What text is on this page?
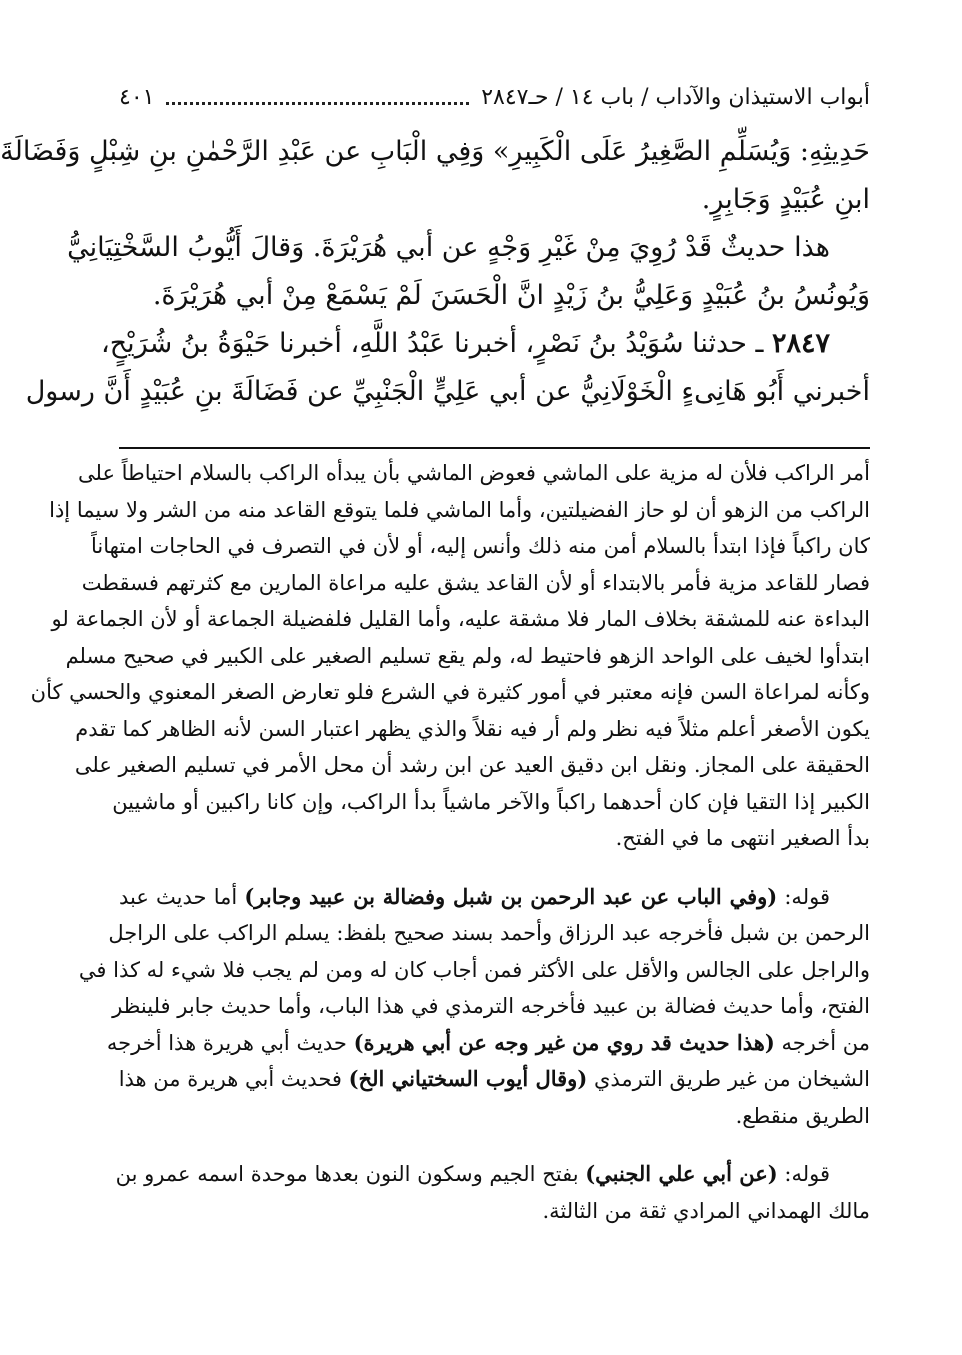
أبواب الاستيذان والآداب / باب ١٤ / حـ٢٨٤٧
٤٠١
حَدِيثِهِ: وَيُسَلِّمِ الصَّغِيرُ عَلَى الْكَبِيرِ» وَفِي الْبَابِ عن عَبْدِ الرَّحْمٰنِ بنِ شِبْلٍ وَفَضَالَةَ
ابنِ عُبَيْدٍ وَجَابِرٍ.
هذا حديثٌ قَدْ رُوِيَ مِنْ غَيْرِ وَجْهٍ عن أبي هُرَيْرَةَ. وَقالَ أَيُّوبُ السَّخْتِيَانِيُّ
وَيُونُسُ بنُ عُبَيْدٍ وَعَلِيُّ بنُ زَيْدٍ انَّ الْحَسَنَ لَمْ يَسْمَعْ مِنْ أبي هُرَيْرَةَ.
٢٨٤٧ ـ حدثنا سُوَيْدُ بنُ نَصْرٍ، أخبرنا عَبْدُ اللَّهِ، أخبرنا حَيْوَةُ بنُ شُرَيْحٍ،
أخبرني أَبُو هَانِىءٍ الْخَوْلَانِيُّ عن أبي عَلِيٍّ الْجَنْبِيِّ عن فَضَالَةَ بنِ عُبَيْدٍ أَنَّ رسول
أمر الراكب فلأن له مزية على الماشي فعوض الماشي بأن يبدأه الراكب بالسلام احتياطاً على
الراكب من الزهو أن لو حاز الفضيلتين، وأما الماشي فلما يتوقع القاعد منه من الشر ولا سيما إذا
كان راكباً فإذا ابتدأ بالسلام أمن منه ذلك وأنس إليه، أو لأن في التصرف في الحاجات امتهاناً
فصار للقاعد مزية فأمر بالابتداء أو لأن القاعد يشق عليه مراعاة المارين مع كثرتهم فسقطت
البداءة عنه للمشقة بخلاف المار فلا مشقة عليه، وأما القليل فلفضيلة الجماعة أو لأن الجماعة لو
ابتدأوا لخيف على الواحد الزهو فاحتيط له، ولم يقع تسليم الصغير على الكبير في صحيح مسلم
وكأنه لمراعاة السن فإنه معتبر في أمور كثيرة في الشرع فلو تعارض الصغر المعنوي والحسي كأن
يكون الأصغر أعلم مثلاً فيه نظر ولم أر فيه نقلاً والذي يظهر اعتبار السن لأنه الظاهر كما تقدم
الحقيقة على المجاز. ونقل ابن دقيق العيد عن ابن رشد أن محل الأمر في تسليم الصغير على
الكبير إذا التقيا فإن كان أحدهما راكباً والآخر ماشياً بدأ الراكب، وإن كانا راكبين أو ماشيين
بدأ الصغير انتهى ما في الفتح.
قوله: (وفي الباب عن عبد الرحمن بن شبل وفضالة بن عبيد وجابر) أما حديث عبد
الرحمن بن شبل فأخرجه عبد الرزاق وأحمد بسند صحيح بلفظ: يسلم الراكب على الراجل
والراجل على الجالس والأقل على الأكثر فمن أجاب كان له ومن لم يجب فلا شيء له كذا في
الفتح، وأما حديث فضالة بن عبيد فأخرجه الترمذي في هذا الباب، وأما حديث جابر فلينظر
من أخرجه (هذا حديث قد روي من غير وجه عن أبي هريرة) حديث أبي هريرة هذا أخرجه
الشيخان من غير طريق الترمذي (وقال أيوب السختياني الخ) فحديث أبي هريرة من هذا
الطريق منقطع.
قوله: (عن أبي علي الجنبي) بفتح الجيم وسكون النون بعدها موحدة اسمه عمرو بن
مالك الهمداني المرادي ثقة من الثالثة.
